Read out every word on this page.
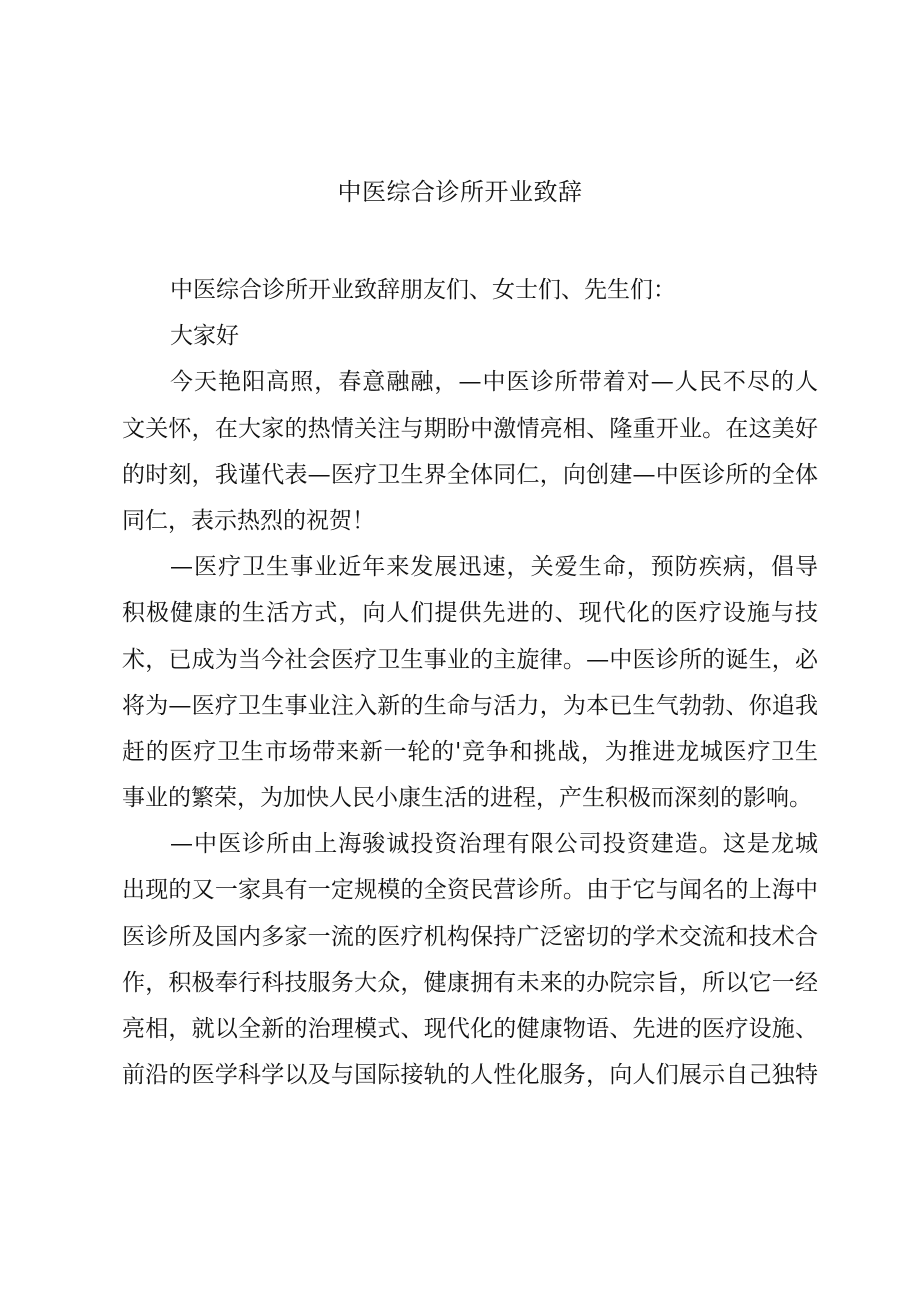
中医综合诊所开业致辞
中医综合诊所开业致辞朋友们、女士们、先生们：
大家好
今天艳阳高照，春意融融，—中医诊所带着对—人民不尽的人
文关怀，在大家的热情关注与期盼中激情亮相、隆重开业。在这美好
的时刻，我谨代表—医疗卫生界全体同仁，向创建—中医诊所的全体
同仁，表示热烈的祝贺！
—医疗卫生事业近年来发展迅速，关爱生命，预防疾病，倡导
积极健康的生活方式，向人们提供先进的、现代化的医疗设施与技
术，已成为当今社会医疗卫生事业的主旋律。—中医诊所的诞生，必
将为—医疗卫生事业注入新的生命与活力，为本已生气勃勃、你追我
赶的医疗卫生市场带来新一轮的'竞争和挑战，为推进龙城医疗卫生
事业的繁荣，为加快人民小康生活的进程，产生积极而深刻的影响。
—中医诊所由上海骏诚投资治理有限公司投资建造。这是龙城
出现的又一家具有一定规模的全资民营诊所。由于它与闻名的上海中
医诊所及国内多家一流的医疗机构保持广泛密切的学术交流和技术合
作，积极奉行科技服务大众，健康拥有未来的办院宗旨，所以它一经
亮相，就以全新的治理模式、现代化的健康物语、先进的医疗设施、
前沿的医学科学以及与国际接轨的人性化服务，向人们展示自己独特
